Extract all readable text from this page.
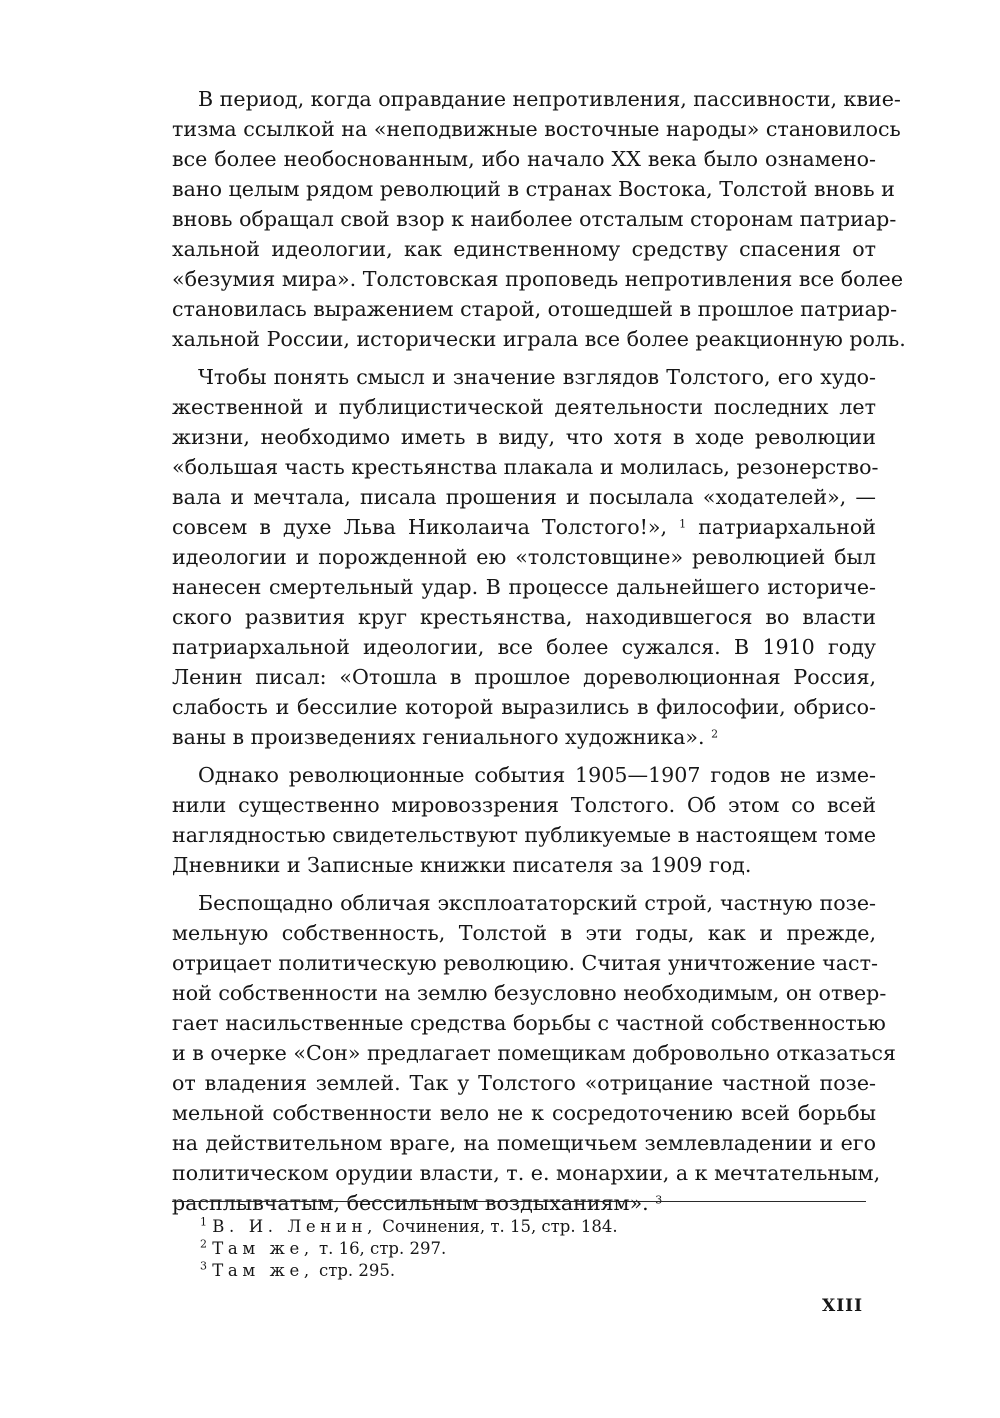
В период, когда оправдание непротивления, пассивности, квие-
тизма ссылкой на «неподвижные восточные народы» становилось
все более необоснованным, ибо начало XX века было ознамено-
вано целым рядом революций в странах Востока, Толстой вновь и
вновь обращал свой взор к наиболее отсталым сторонам патриар-
хальной идеологии, как единственному средству спасения от
«безумия мира». Толстовская проповедь непротивления все более
становилась выражением старой, отошедшей в прошлое патриар-
хальной России, исторически играла все более реакционную роль.

Чтобы понять смысл и значение взглядов Толстого, его худо-
жественной и публицистической деятельности последних лет
жизни, необходимо иметь в виду, что хотя в ходе революции
«большая часть крестьянства плакала и молилась, резонерство-
вала и мечтала, писала прошения и посылала «ходателей», —
совсем в духе Льва Николаича Толстого!», $^1$ патриархальной
идеологии и порожденной ею «толстовщине» революцией был
нанесен смертельный удар. В процессе дальнейшего историче-
ского развития круг крестьянства, находившегося во власти
патриархальной идеологии, все более сужался. В 1910 году
Ленин писал: «Отошла в прошлое дореволюционная Россия,
слабость и бессилие которой выразились в философии, обрисо-
ваны в произведениях гениального художника». $^2$

Однако революционные события 1905—1907 годов не изме-
нили существенно мировоззрения Толстого. Об этом со всей
наглядностью свидетельствуют публикуемые в настоящем томе
Дневники и Записные книжки писателя за 1909 год.

Беспощадно обличая эксплоататорский строй, частную позе-
мельную собственность, Толстой в эти годы, как и прежде,
отрицает политическую революцию. Считая уничтожение част-
ной собственности на землю безусловно необходимым, он отвер-
гает насильственные средства борьбы с частной собственностью
и в очерке «Сон» предлагает помещикам добровольно отказаться
от владения землей. Так у Толстого «отрицание частной позе-
мельной собственности вело не к сосредоточению всей борьбы
на действительном враге, на помещичьем землевладении и его
политическом орудии власти, т. е. монархии, а к мечтательным,
расплывчатым, бессильным воздыханиям». $^3$

$^1$ В. И. Ленин, Сочинения, т. 15, стр. 184.
$^2$ Там же, т. 16, стр. 297.
$^3$ Там же, стр. 295.
XIII
